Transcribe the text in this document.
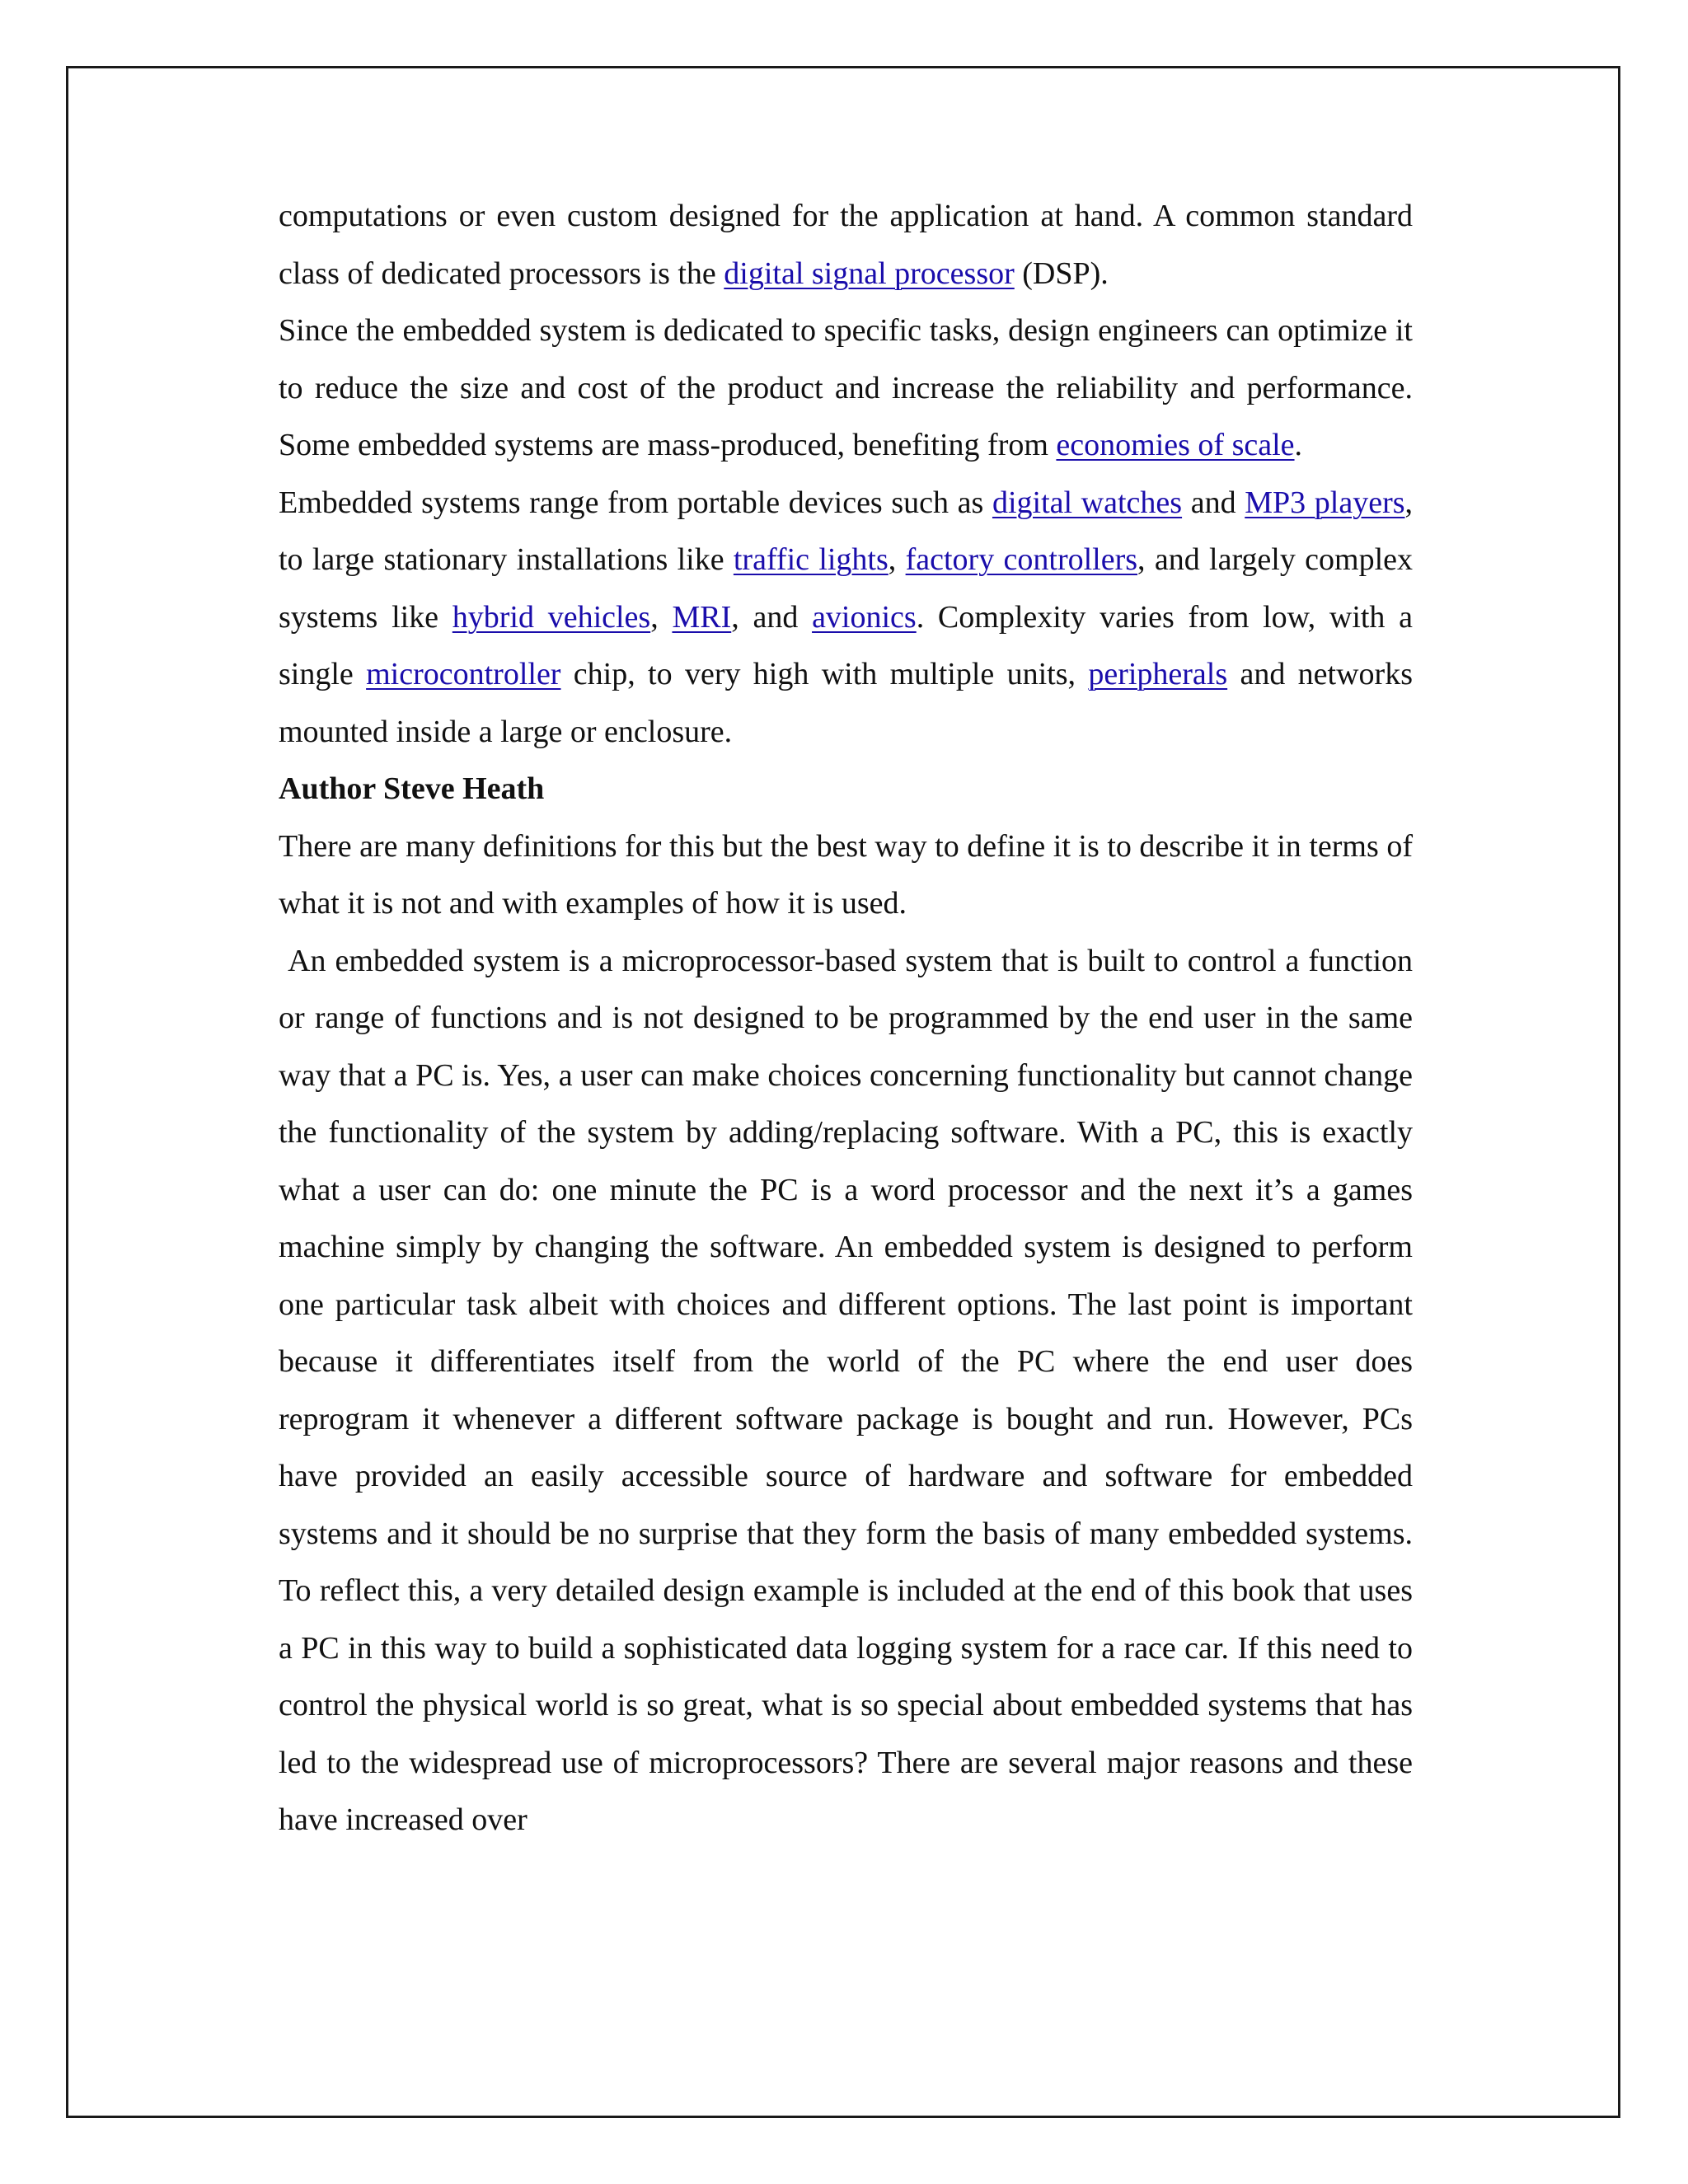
computations or even custom designed for the application at hand. A common standard class of dedicated processors is the digital signal processor (DSP).

Since the embedded system is dedicated to specific tasks, design engineers can optimize it to reduce the size and cost of the product and increase the reliability and performance. Some embedded systems are mass-produced, benefiting from economies of scale.

Embedded systems range from portable devices such as digital watches and MP3 players, to large stationary installations like traffic lights, factory controllers, and largely complex systems like hybrid vehicles, MRI, and avionics. Complexity varies from low, with a single microcontroller chip, to very high with multiple units, peripherals and networks mounted inside a large or enclosure.

Author Steve Heath

There are many definitions for this but the best way to define it is to describe it in terms of what it is not and with examples of how it is used.

An embedded system is a microprocessor-based system that is built to control a function or range of functions and is not designed to be programmed by the end user in the same way that a PC is. Yes, a user can make choices concerning functionality but cannot change the functionality of the system by adding/replacing software. With a PC, this is exactly what a user can do: one minute the PC is a word processor and the next it’s a games machine simply by changing the software. An embedded system is designed to perform one particular task albeit with choices and different options. The last point is important because it differentiates itself from the world of the PC where the end user does reprogram it whenever a different software package is bought and run. However, PCs have provided an easily accessible source of hardware and software for embedded systems and it should be no surprise that they form the basis of many embedded systems. To reflect this, a very detailed design example is included at the end of this book that uses a PC in this way to build a sophisticated data logging system for a race car. If this need to control the physical world is so great, what is so special about embedded systems that has led to the widespread use of microprocessors? There are several major reasons and these have increased over
